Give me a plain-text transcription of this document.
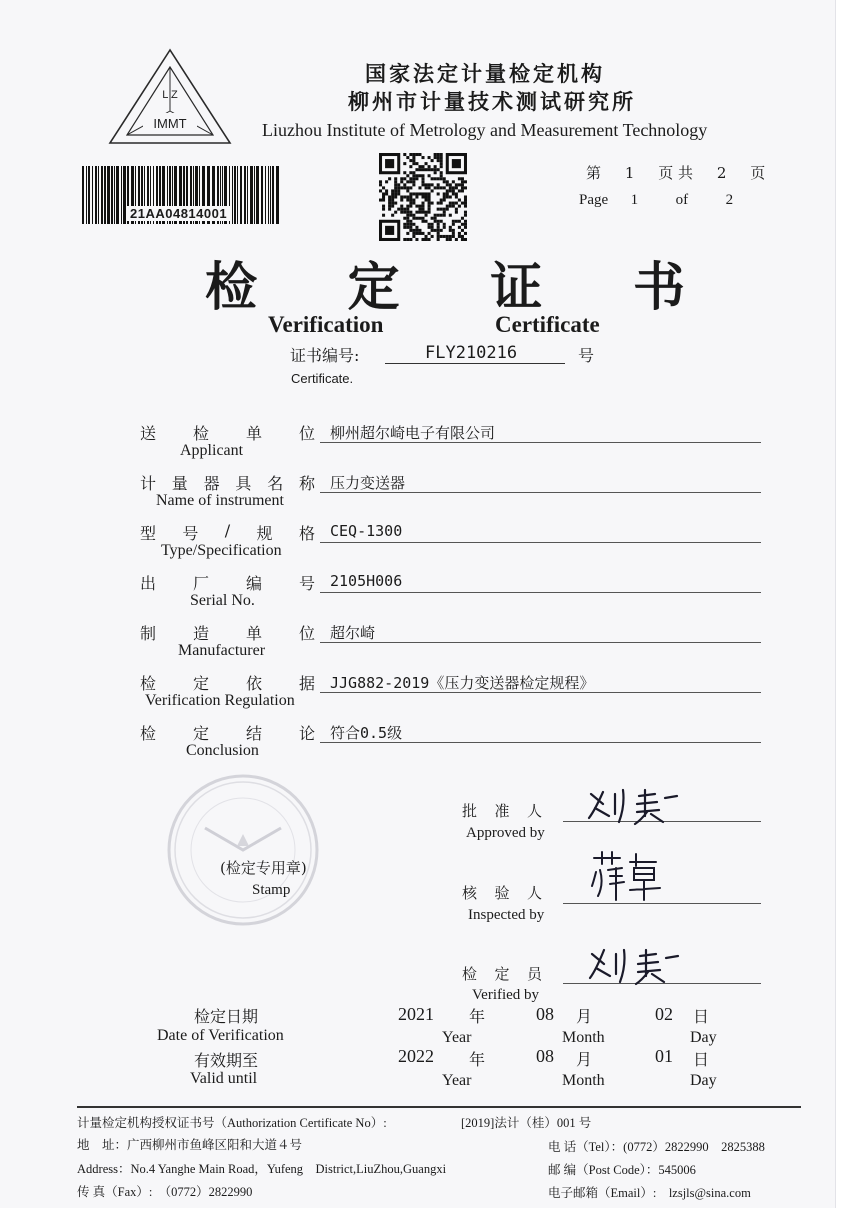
L Z
IMMT
国家法定计量检定机构
柳州市计量技术测试研究所
Liuzhou Institute of Metrology and Measurement Technology
21AA04814001
第 1 页 共 2 页
Page 1	of	2
检 定 证 书
Verification	Certificate
证书编号:	FLY210216	号
Certificate.
送 检 单 位
Applicant
柳州超尔崎电子有限公司
计 量 器 具 名 称
Name of instrument
压力变送器
型 号 / 规 格
Type/Specification
CEQ-1300
出 厂 编 号
Serial No.
2105H006
制 造 单 位
Manufacturer
超尔崎
检 定 依 据
Verification Regulation
JJG882-2019《压力变送器检定规程》
检 定 结 论
Conclusion
符合0.5级
(检定专用章)
Stamp
批 准 人
Approved by
核 验 人
Inspected by
检 定 员
Verified by
检定日期
Date of Verification
2021	08	02
年	月	日
Year	Month	Day
有效期至
Valid until
2022	08	01
年	月	日
Year	Month	Day
计量检定机构授权证书号（Authorization Certificate No）:	[2019]法计（桂）001 号
地　址：广西柳州市鱼峰区阳和大道４号	电 话（Tel）：(0772）2822990　2825388
Address：No.4 Yanghe Main Road，Yufeng　District,LiuZhou,Guangxi	邮 编（Post Code）：545006
传 真（Fax）:　（0772）2822990	电子邮箱（Email）:　lzsjls@sina.com
